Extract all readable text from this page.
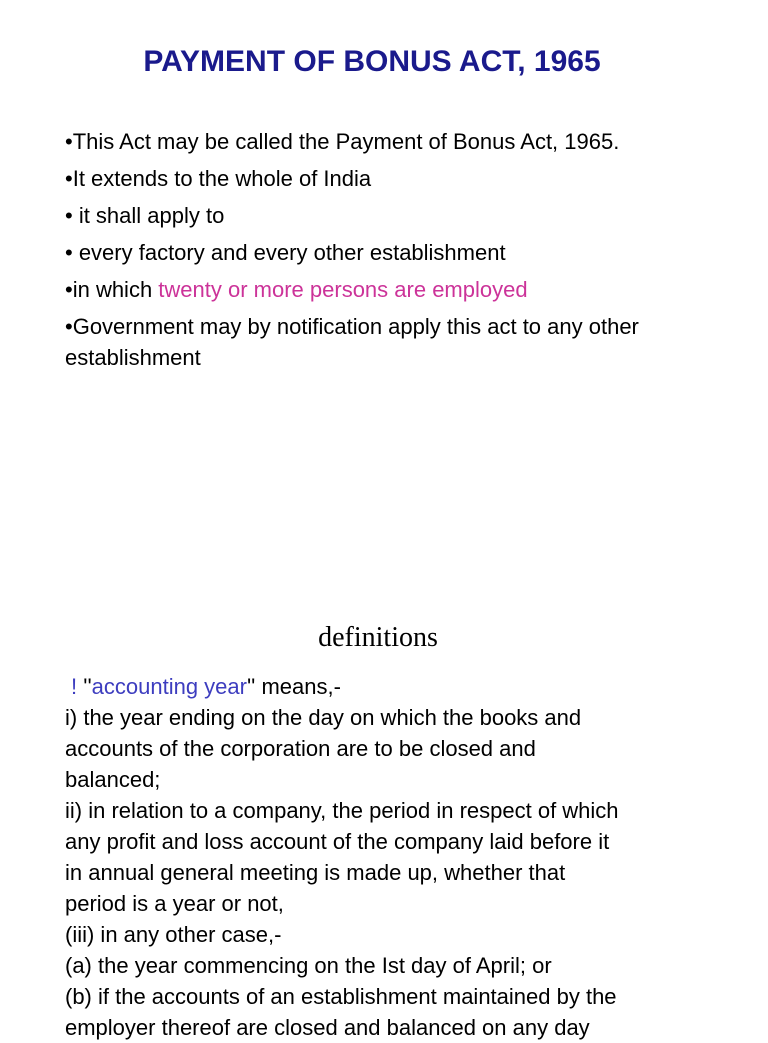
PAYMENT OF BONUS ACT, 1965
•This Act may be called the Payment of Bonus Act, 1965.
•It extends to the whole of India
• it shall apply to
• every factory and every other establishment
•in which twenty or more persons are employed
•Government may by notification apply this act to any other establishment
definitions
! ''accounting year'' means,-
i) the year ending on the day on which the books and
accounts of the corporation are to be closed and
balanced;
ii) in relation to a company, the period in respect of which
any profit and loss account of the company laid before it
in annual general meeting is made up, whether that
period is a year or not,
(iii) in any other case,-
(a) the year commencing on the Ist day of April; or
(b) if the accounts of an establishment maintained by the
employer thereof are closed and balanced on any day
